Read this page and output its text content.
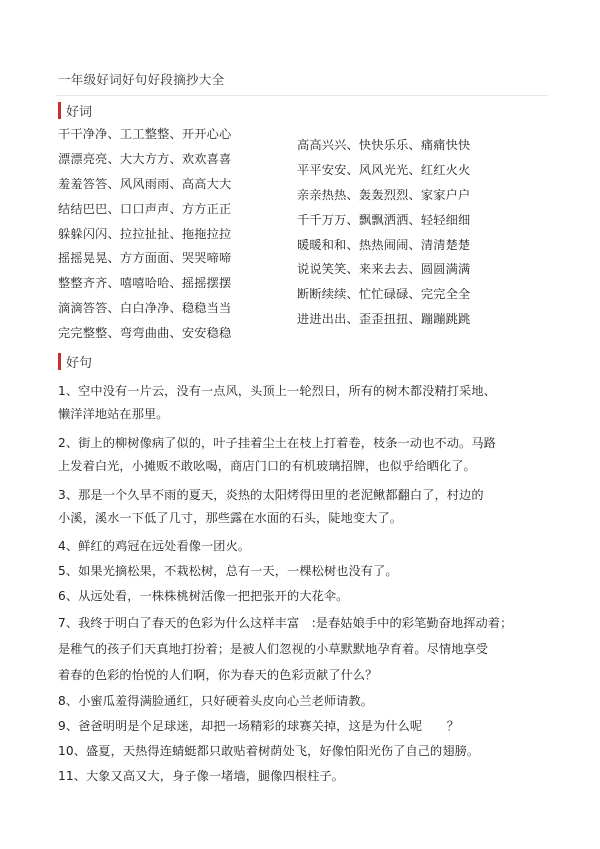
一年级好词好句好段摘抄大全
好词
干干净净、工工整整、开开心心
漂漂亮亮、大大方方、欢欢喜喜
羞羞答答、风风雨雨、高高大大
结结巴巴、口口声声、方方正正
躲躲闪闪、拉拉扯扯、拖拖拉拉
摇摇晃晃、方方面面、哭哭啼啼
整整齐齐、嘻嘻哈哈、摇摇摆摆
滴滴答答、白白净净、稳稳当当
完完整整、弯弯曲曲、安安稳稳
高高兴兴、快快乐乐、痛痛快快
平平安安、风风光光、红红火火
亲亲热热、轰轰烈烈、家家户户
千千万万、飘飘洒洒、轻轻细细
暖暖和和、热热闹闹、清清楚楚
说说笑笑、来来去去、圆圆满满
断断续续、忙忙碌碌、完完全全
进进出出、歪歪扭扭、蹦蹦跳跳
好句
1、空中没有一片云，没有一点风，头顶上一轮烈日，所有的树木都没精打采地、
懒洋洋地站在那里。
2、街上的柳树像病了似的，叶子挂着尘土在枝上打着卷，枝条一动也不动。马路
上发着白光，小摊贩不敢吆喝，商店门口的有机玻璃招牌，也似乎给晒化了。
3、那是一个久旱不雨的夏天，炎热的太阳烤得田里的老泥鳅都翻白了，村边的
小溪，溪水一下低了几寸，那些露在水面的石头，陡地变大了。
4、鲜红的鸡冠在远处看像一团火。
5、如果光摘松果，不栽松树，总有一天，一棵松树也没有了。
6、从远处看，一株株桃树活像一把把张开的大花伞。
7、我终于明白了春天的色彩为什么这样丰富　:是春姑娘手中的彩笔勤奋地挥动着；
是稚气的孩子们天真地打扮着；是被人们忽视的小草默默地孕育着。尽情地享受
着春的色彩的怡悦的人们啊，你为春天的色彩贡献了什么？
8、小蜜瓜羞得满脸通红，只好硬着头皮向心兰老师请教。
9、爸爸明明是个足球迷，却把一场精彩的球赛关掉，这是为什么呢　　？
10、盛夏，天热得连蜻蜓都只敢贴着树荫处飞，好像怕阳光伤了自己的翅膀。
11、大象又高又大，身子像一堵墙，腿像四根柱子。
